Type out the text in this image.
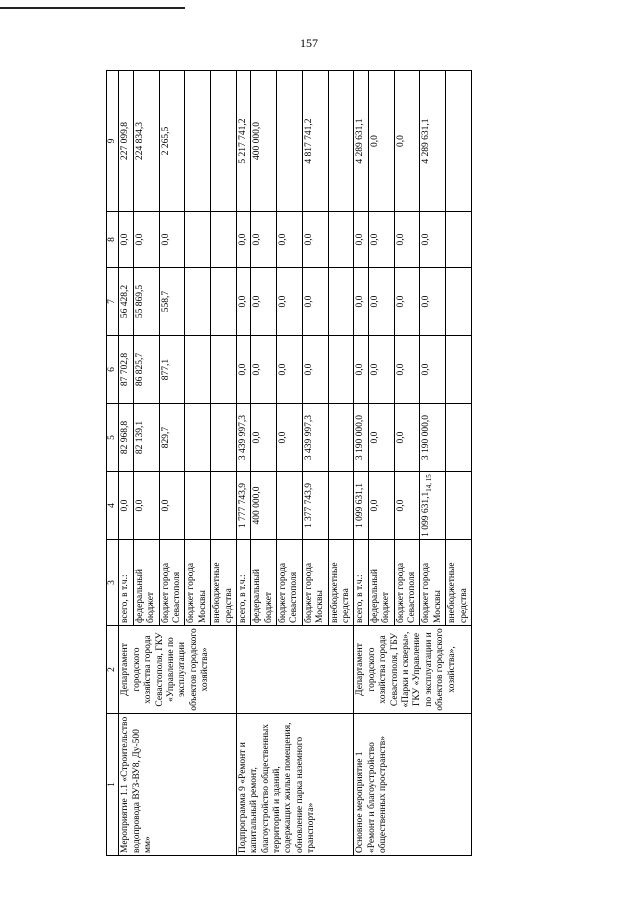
157
1	2	3	4	5	6	7	8	9
Мероприятие 1.1 «Строительство водопровода ВУЗ-ВУ8, Ду-500 мм»	Департамент городского хозяйства города Севастополя, ГКУ «Управление по эксплуатации объектов городского хозяйства»	всего, в т.ч.:	0,0	82 968,8	87 702,8	56 428,2	0,0	227 099,8
		федеральный бюджет	0,0	82 139,1	86 825,7	55 869,5	0,0	224 834,3
		бюджет города Севастополя	0,0	829,7	877,1	558,7	0,0	2 265,5
		бюджет города Москвы						
		внебюджетные средства						
Подпрограмма 9 «Ремонт и капитальный ремонт, благоустройство общественных территорий и зданий, содержащих жилые помещения, обновление парка наземного транспорта»		всего, в т.ч.:	1 777 743,9	3 439 997,3	0,0	0,0	0,0	5 217 741,2
		федеральный бюджет	400 000,0	0,0	0,0	0,0	0,0	400 000,0
		бюджет города Севастополя		0,0	0,0	0,0	0,0	
		бюджет города Москвы	1 377 743,9	3 439 997,3	0,0	0,0	0,0	4 817 741,2
		внебюджетные средства						
Основное мероприятие 1 «Ремонт и благоустройство общественных пространств»	Департамент городского хозяйства города Севастополя, ГБУ «Парки и скверы», ГКУ «Управление по эксплуатации и объектов городского хозяйства»,	всего, в т.ч.:	1 099 631,1	3 190 000,0	0,0	0,0	0,0	4 289 631,1
		федеральный бюджет	0,0	0,0	0,0	0,0	0,0	0,0
		бюджет города Севастополя	0,0	0,0	0,0	0,0	0,0	0,0
		бюджет города Москвы	1 099 $631,1_{14, 15}$	3 190 000,0	0,0	0,0	0,0	4 289 631,1
		внебюджетные средства						
